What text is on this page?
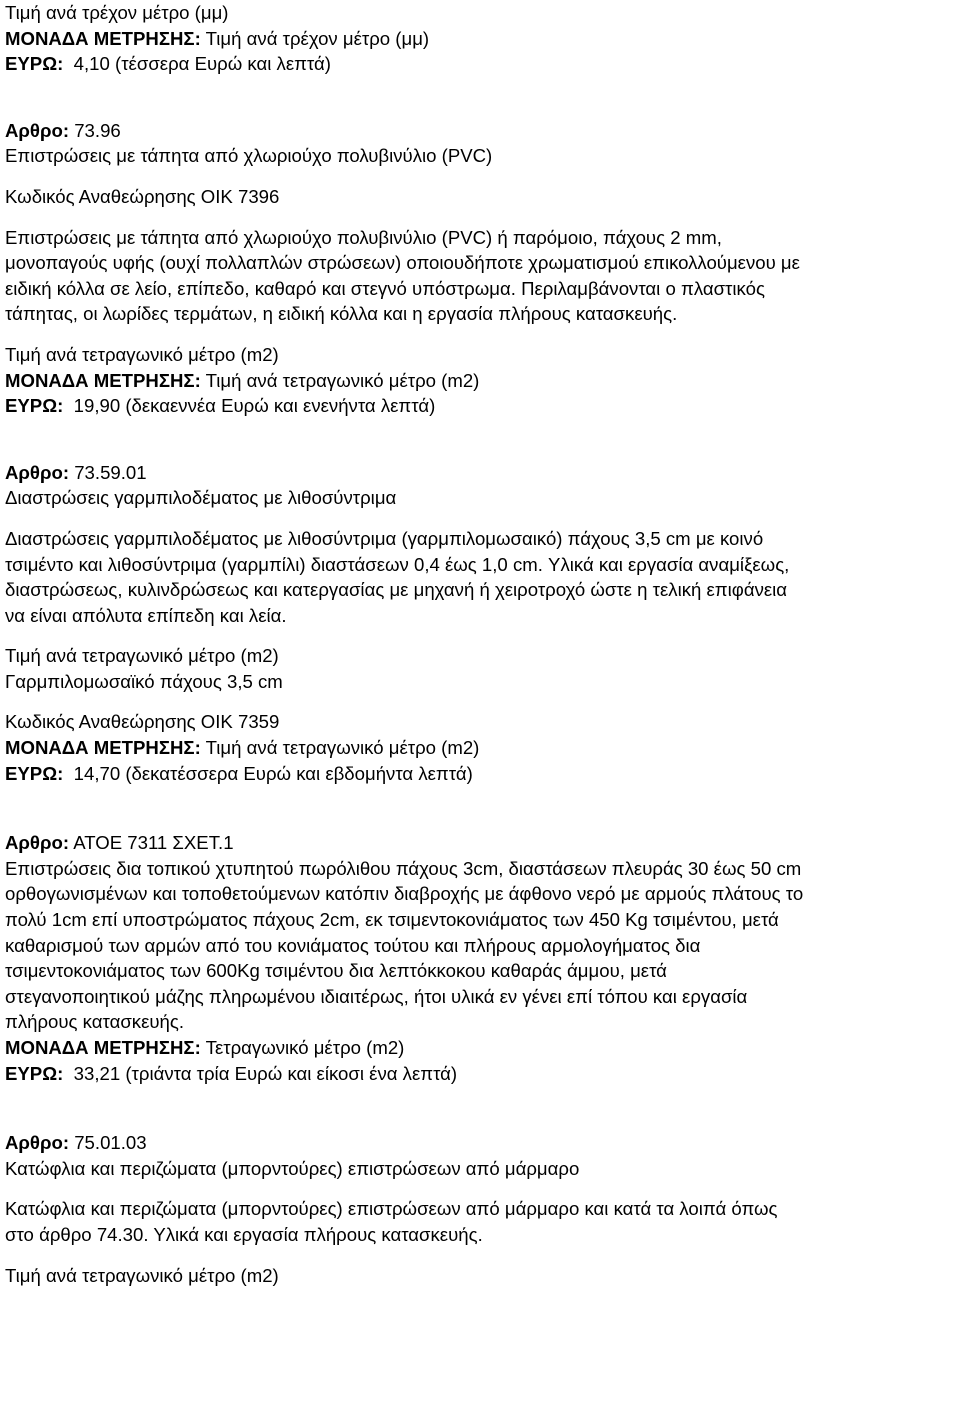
Τιμή ανά τρέχον μέτρο (μμ)
ΜΟΝΑΔΑ ΜΕΤΡΗΣΗΣ: Τιμή ανά τρέχον μέτρο (μμ)
ΕΥΡΩ: 4,10 (τέσσερα Ευρώ και λεπτά)
Αρθρο: 73.96
Επιστρώσεις με τάπητα από χλωριούχο πολυβινύλιο (PVC)
Κωδικός Αναθεώρησης ΟΙΚ 7396
Επιστρώσεις με τάπητα από χλωριούχο πολυβινύλιο (PVC) ή παρόμοιο, πάχους 2 mm,
μονοπαγούς υφής (ουχί πολλαπλών στρώσεων) οποιουδήποτε χρωματισμού επικολλούμενου με
ειδική κόλλα σε λείο, επίπεδο, καθαρό και στεγνό υπόστρωμα. Περιλαμβάνονται ο πλαστικός
τάπητας, οι λωρίδες τερμάτων, η ειδική κόλλα και η εργασία πλήρους κατασκευής.
Τιμή ανά τετραγωνικό μέτρο (m2)
ΜΟΝΑΔΑ ΜΕΤΡΗΣΗΣ: Τιμή ανά τετραγωνικό μέτρο (m2)
ΕΥΡΩ: 19,90 (δεκαεννέα Ευρώ και ενενήντα λεπτά)
Αρθρο: 73.59.01
Διαστρώσεις γαρμπιλοδέματος με λιθοσύντριμα
Διαστρώσεις γαρμπιλοδέματος με λιθοσύντριμα (γαρμπιλομωσαικό) πάχους 3,5 cm με κοινό
τσιμέντο και λιθοσύντριμα (γαρμπίλι) διαστάσεων 0,4 έως 1,0 cm. Υλικά και εργασία αναμίξεως,
διαστρώσεως, κυλινδρώσεως και κατεργασίας με μηχανή ή χειροτροχό ώστε η τελική επιφάνεια
να είναι απόλυτα επίπεδη και λεία.
Τιμή ανά τετραγωνικό μέτρο (m2)
Γαρμπιλομωσαϊκό πάχους 3,5 cm
Κωδικός Αναθεώρησης ΟΙΚ 7359
ΜΟΝΑΔΑ ΜΕΤΡΗΣΗΣ: Τιμή ανά τετραγωνικό μέτρο (m2)
ΕΥΡΩ: 14,70 (δεκατέσσερα Ευρώ και εβδομήντα λεπτά)
Αρθρο: ΑΤΟΕ 7311 ΣΧΕΤ.1
Επιστρώσεις δια τοπικού χτυπητού πωρόλιθου πάχους 3cm, διαστάσεων πλευράς 30 έως 50 cm
ορθογωνισμένων και τοποθετούμενων κατόπιν διαβροχής με άφθονο νερό με αρμούς πλάτους το
πολύ 1cm επί υποστρώματος πάχους 2cm, εκ τσιμεντοκονιάματος των 450 Kg τσιμέντου, μετά
καθαρισμού των αρμών από του κονιάματος τούτου και πλήρους αρμολογήματος δια
τσιμεντοκονιάματος των 600Kg τσιμέντου δια λεπτόκκοκου καθαράς άμμου, μετά
στεγανοποιητικού μάζης πληρωμένου ιδιαιτέρως, ήτοι υλικά εν γένει επί τόπου και εργασία
πλήρους κατασκευής.
ΜΟΝΑΔΑ ΜΕΤΡΗΣΗΣ: Τετραγωνικό μέτρο (m2)
ΕΥΡΩ: 33,21 (τριάντα τρία Ευρώ και είκοσι ένα λεπτά)
Αρθρο: 75.01.03
Κατώφλια και περιζώματα (μπορντούρες) επιστρώσεων από μάρμαρο
Κατώφλια και περιζώματα (μπορντούρες) επιστρώσεων από μάρμαρο και κατά τα λοιπά όπως
στο άρθρο 74.30. Υλικά και εργασία πλήρους κατασκευής.
Τιμή ανά τετραγωνικό μέτρο (m2)
